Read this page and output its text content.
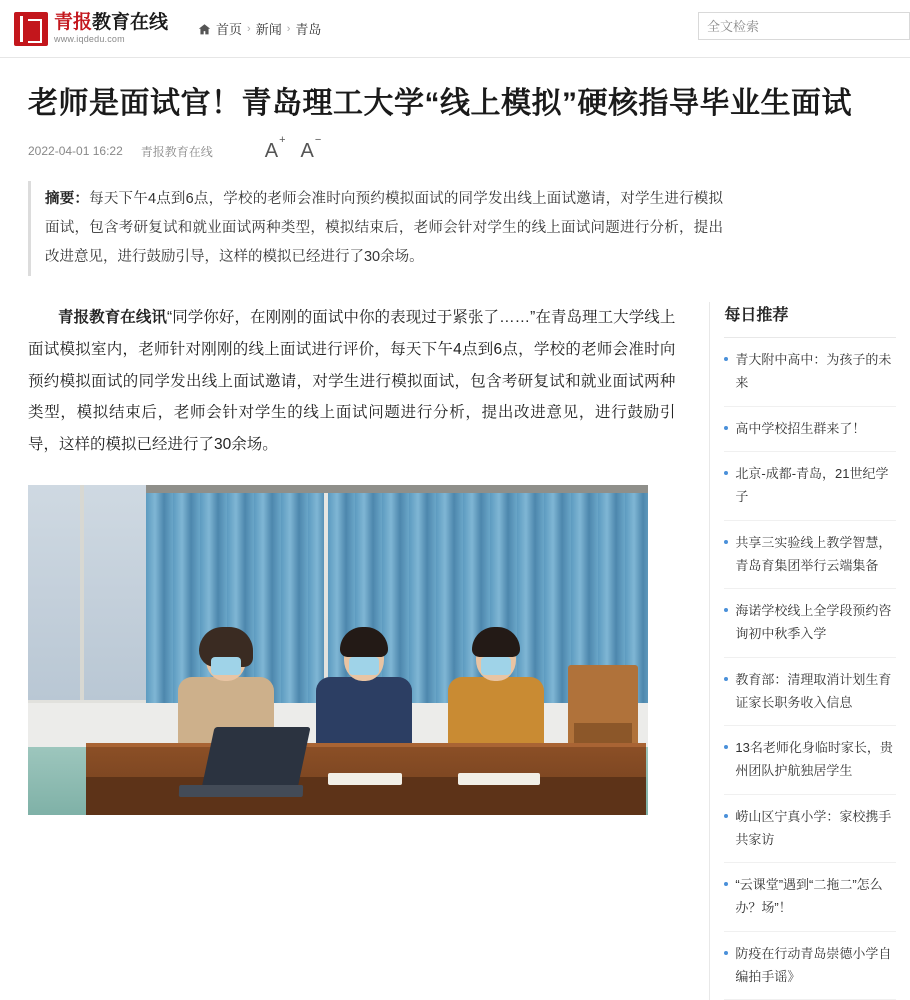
青报教育在线
www.iqdedu.com
首页 › 新闻 › 青岛
全文检索
老师是面试官！青岛理工大学“线上模拟”硬核指导毕业生面试
2022-04-01 16:22 青报教育在线	A+ A−

摘要：每天下午4点到6点，学校的老师会准时向预约模拟面试的同学发出线上面试邀请，对学生进行模拟面试，包含考研复试和就业面试两种类型，模拟结束后，老师会针对学生的线上面试问题进行分析，提出改进意见，进行鼓励引导，这样的模拟已经进行了30余场。

青报教育在线讯“同学你好，在刚刚的面试中你的表现过于紧张了……”在青岛理工大学线上面试模拟室内，老师针对刚刚的线上面试进行评价，每天下午4点到6点，学校的老师会准时向预约模拟面试的同学发出线上面试邀请，对学生进行模拟面试，包含考研复试和就业面试两种类型，模拟结束后，老师会针对学生的线上面试问题进行分析，提出改进意见，进行鼓励引导，这样的模拟已经进行了30余场。

每日推荐
青大附中高中：为孩子的未来
高中学校招生群来了！
北京-成都-青岛，21世纪学子
共享三实验线上教学智慧，青岛育集团举行云端集备
海诺学校线上全学段预约咨询初中秋季入学
教育部：清理取消计划生育证家长职务收入信息
13名老师化身临时家长，贵州团队护航独居学生
崂山区宁真小学：家校携手共家访
“云课堂”遇到“二拖二”怎么办？场”！
防疫在行动青岛崇德小学自编拍手谣》
